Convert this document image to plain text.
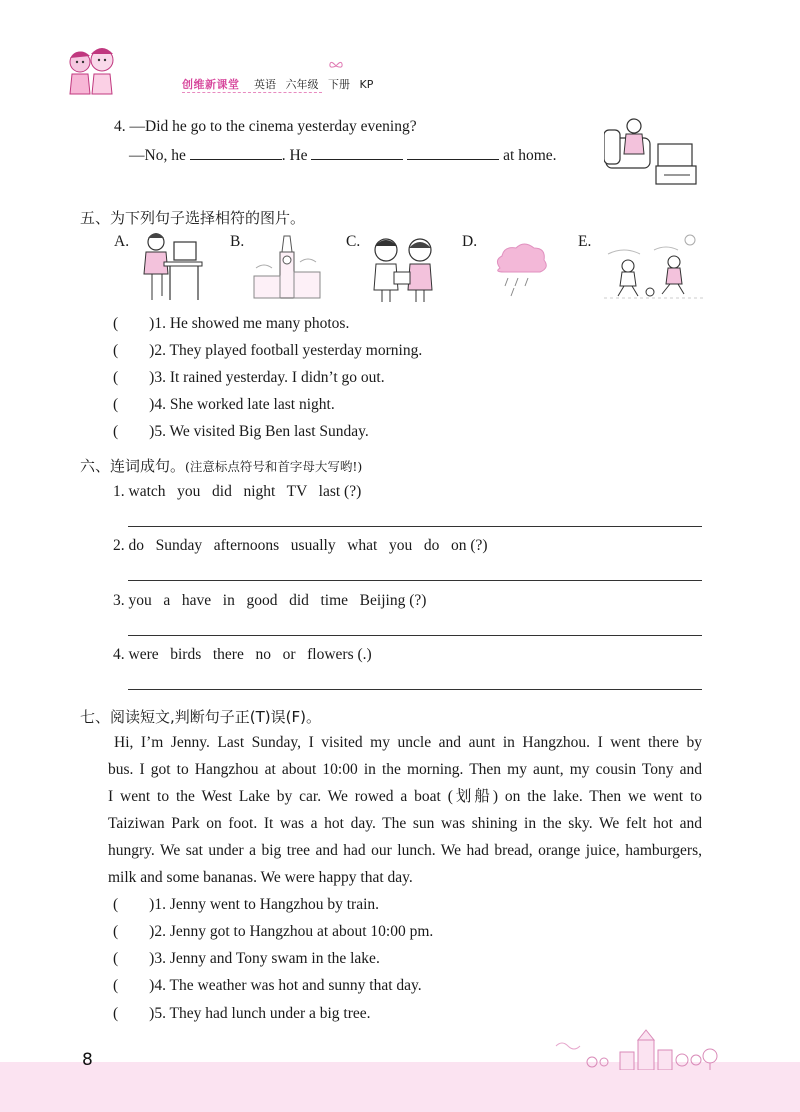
创维新课堂 英语 六年级 下册 KP
4. —Did he go to the cinema yesterday evening?
—No, he	. He	at home.
五、为下列句子选择相符的图片。
A.	B.	C.	D.	E.
(　　)1. He showed me many photos.
(　　)2. They played football yesterday morning.
(　　)3. It rained yesterday. I didn’t go out.
(　　)4. She worked late last night.
(　　)5. We visited Big Ben last Sunday.
六、连词成句。(注意标点符号和首字母大写哟!)
1. watch   you   did   night   TV   last (?)
2. do   Sunday   afternoons   usually   what   you   do   on (?)
3. you   a   have   in   good   did   time   Beijing (?)
4. were   birds   there   no   or   flowers (.)
七、阅读短文,判断句子正(T)误(F)。
Hi, I’m Jenny. Last Sunday, I visited my uncle and aunt in Hangzhou. I went there by
bus. I got to Hangzhou at about 10:00 in the morning. Then my aunt, my cousin Tony and
I went to the West Lake by car. We rowed a boat (划船) on the lake. Then we went to
Taiziwan Park on foot. It was a hot day. The sun was shining in the sky. We felt hot and
hungry. We sat under a big tree and had our lunch. We had bread, orange juice, hamburgers,
milk and some bananas. We were happy that day.
(　　)1. Jenny went to Hangzhou by train.
(　　)2. Jenny got to Hangzhou at about 10:00 pm.
(　　)3. Jenny and Tony swam in the lake.
(　　)4. The weather was hot and sunny that day.
(　　)5. They had lunch under a big tree.
8
